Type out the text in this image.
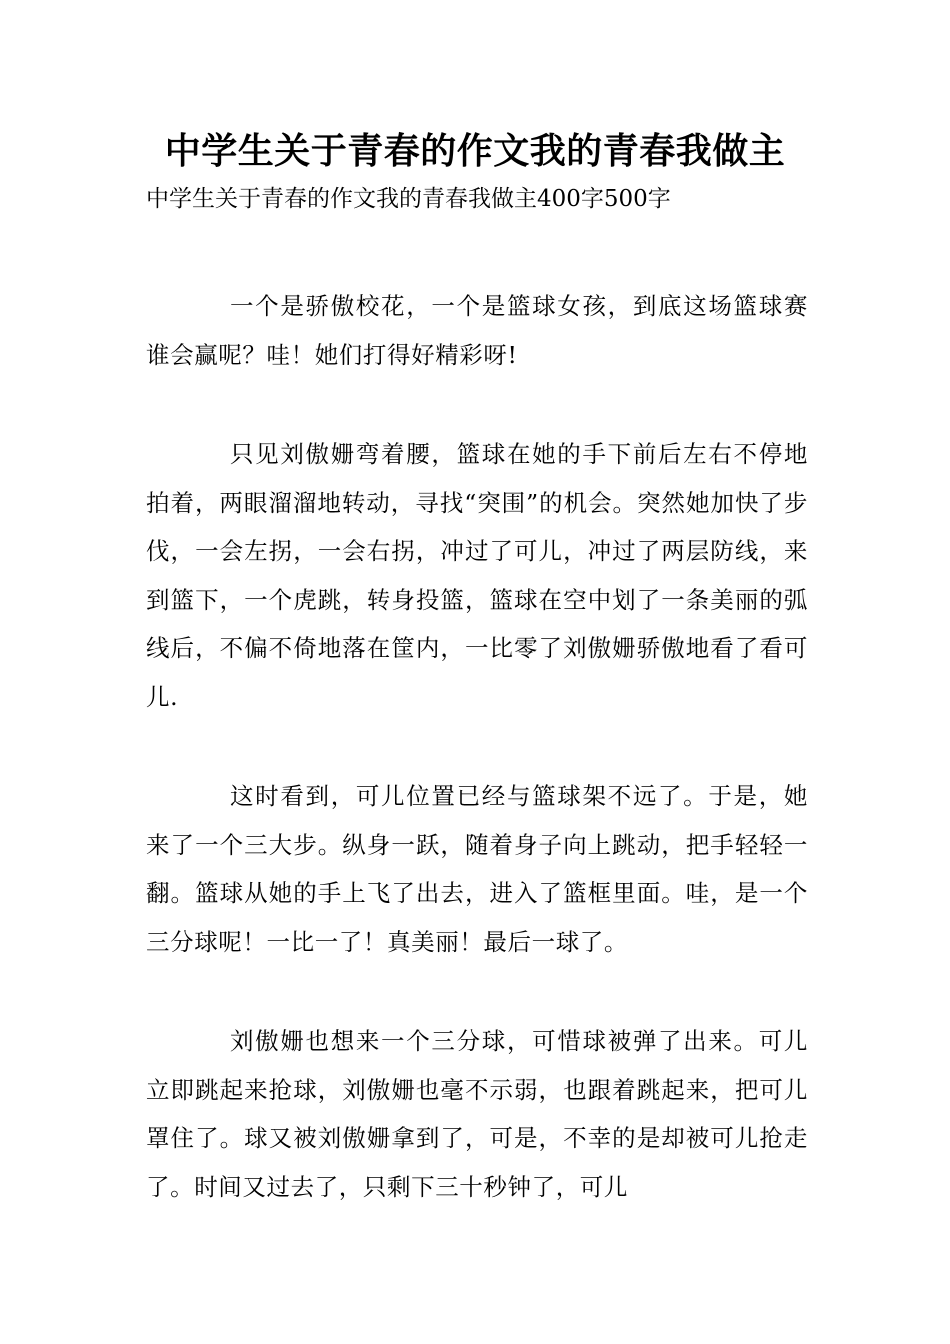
中学生关于青春的作文我的青春我做主
中学生关于青春的作文我的青春我做主400字500字

一个是骄傲校花，一个是篮球女孩，到底这场篮球赛谁会赢呢？哇！她们打得好精彩呀!

只见刘傲姗弯着腰，篮球在她的手下前后左右不停地拍着，两眼溜溜地转动，寻找“突围”的机会。突然她加快了步伐，一会左拐，一会右拐，冲过了可儿，冲过了两层防线，来到篮下，一个虎跳，转身投篮，篮球在空中划了一条美丽的弧线后，不偏不倚地落在筐内，一比零了刘傲姗骄傲地看了看可儿.

这时看到，可儿位置已经与篮球架不远了。于是，她来了一个三大步。纵身一跃，随着身子向上跳动，把手轻轻一翻。篮球从她的手上飞了出去，进入了篮框里面。哇，是一个三分球呢！一比一了！真美丽！最后一球了。

刘傲姗也想来一个三分球，可惜球被弹了出来。可儿立即跳起来抢球，刘傲姗也毫不示弱，也跟着跳起来，把可儿罩住了。球又被刘傲姗拿到了，可是，不幸的是却被可儿抢走了。时间又过去了，只剩下三十秒钟了，可儿
